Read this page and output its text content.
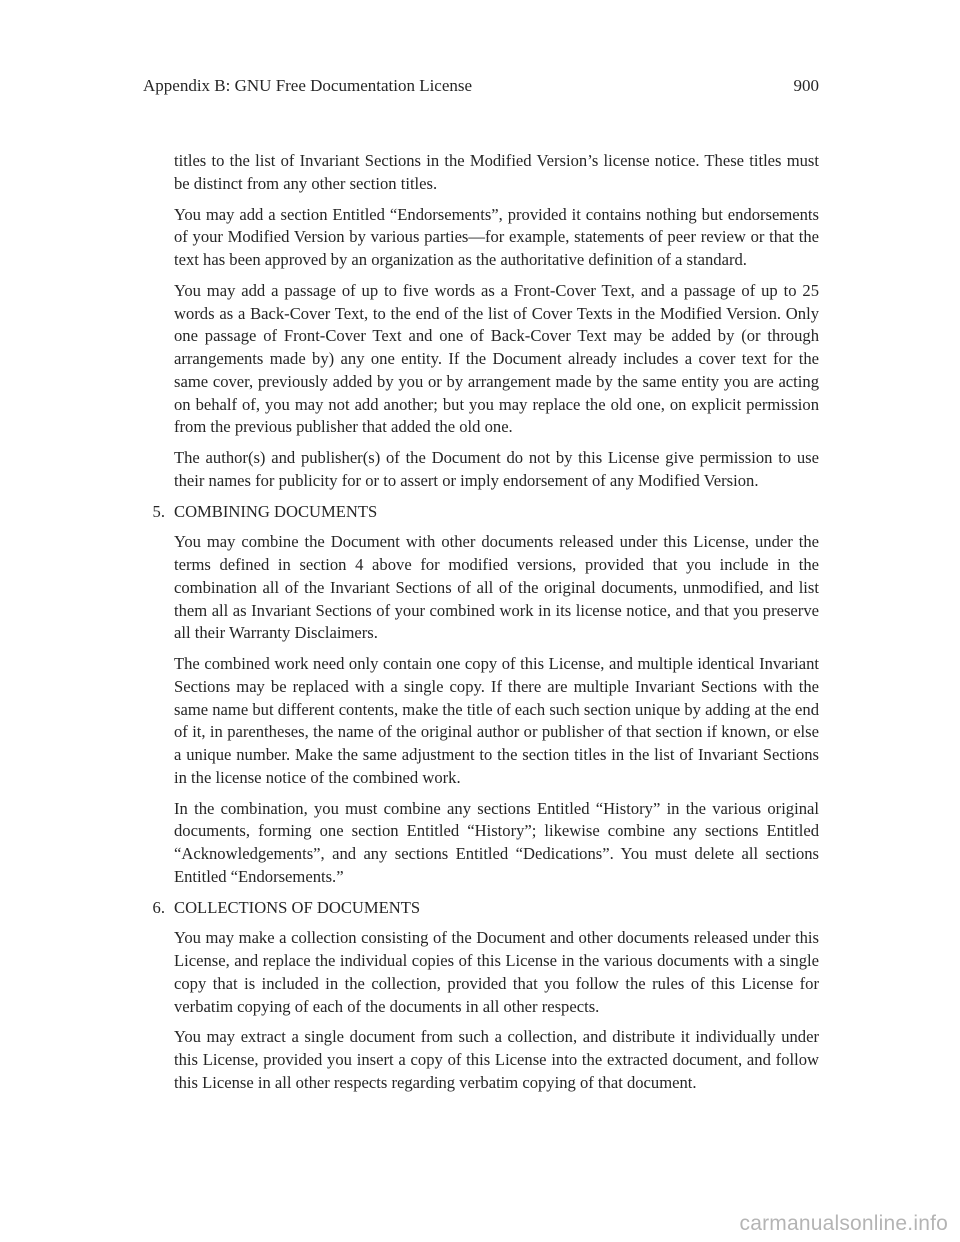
Appendix B: GNU Free Documentation License	900

titles to the list of Invariant Sections in the Modified Version’s license notice. These titles must be distinct from any other section titles.

You may add a section Entitled “Endorsements”, provided it contains nothing but endorsements of your Modified Version by various parties—for example, statements of peer review or that the text has been approved by an organization as the authoritative definition of a standard.

You may add a passage of up to five words as a Front-Cover Text, and a passage of up to 25 words as a Back-Cover Text, to the end of the list of Cover Texts in the Modified Version. Only one passage of Front-Cover Text and one of Back-Cover Text may be added by (or through arrangements made by) any one entity. If the Document already includes a cover text for the same cover, previously added by you or by arrangement made by the same entity you are acting on behalf of, you may not add another; but you may replace the old one, on explicit permission from the previous publisher that added the old one.

The author(s) and publisher(s) of the Document do not by this License give permission to use their names for publicity for or to assert or imply endorsement of any Modified Version.

5. COMBINING DOCUMENTS

You may combine the Document with other documents released under this License, under the terms defined in section 4 above for modified versions, provided that you include in the combination all of the Invariant Sections of all of the original documents, unmodified, and list them all as Invariant Sections of your combined work in its license notice, and that you preserve all their Warranty Disclaimers.

The combined work need only contain one copy of this License, and multiple identical Invariant Sections may be replaced with a single copy. If there are multiple Invariant Sections with the same name but different contents, make the title of each such section unique by adding at the end of it, in parentheses, the name of the original author or publisher of that section if known, or else a unique number. Make the same adjustment to the section titles in the list of Invariant Sections in the license notice of the combined work.

In the combination, you must combine any sections Entitled “History” in the various original documents, forming one section Entitled “History”; likewise combine any sections Entitled “Acknowledgements”, and any sections Entitled “Dedications”. You must delete all sections Entitled “Endorsements.”

6. COLLECTIONS OF DOCUMENTS

You may make a collection consisting of the Document and other documents released under this License, and replace the individual copies of this License in the various documents with a single copy that is included in the collection, provided that you follow the rules of this License for verbatim copying of each of the documents in all other respects.

You may extract a single document from such a collection, and distribute it individually under this License, provided you insert a copy of this License into the extracted document, and follow this License in all other respects regarding verbatim copying of that document.

carmanualsonline.info
